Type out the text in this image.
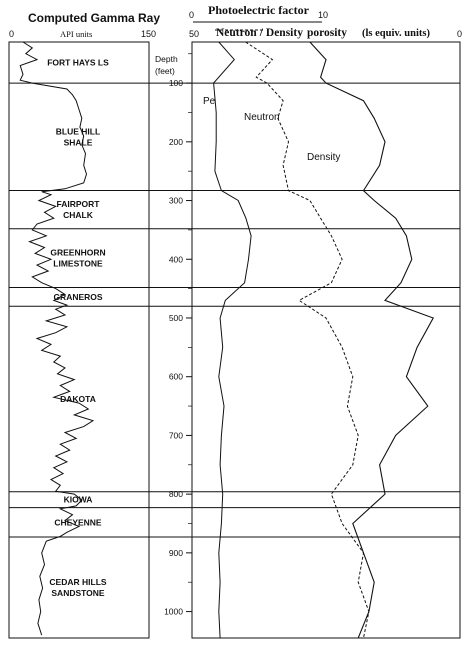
Computed Gamma Ray
API units
0	150
0 Photoelectric factor 10
50 Neutron / Density porosity (ls equiv. units)	0
Depth
(feet)
FORT HAYS LS
BLUE HILL
SHALE
FAIRPORT
CHALK
GREENHORN
LIMESTONE
GRANEROS
DAKOTA
KIOWA
CHEYENNE
CEDAR HILLS
SANDSTONE
100
200
300
400
500
600
700
800
900
1000
Pe
Neutron
Density
